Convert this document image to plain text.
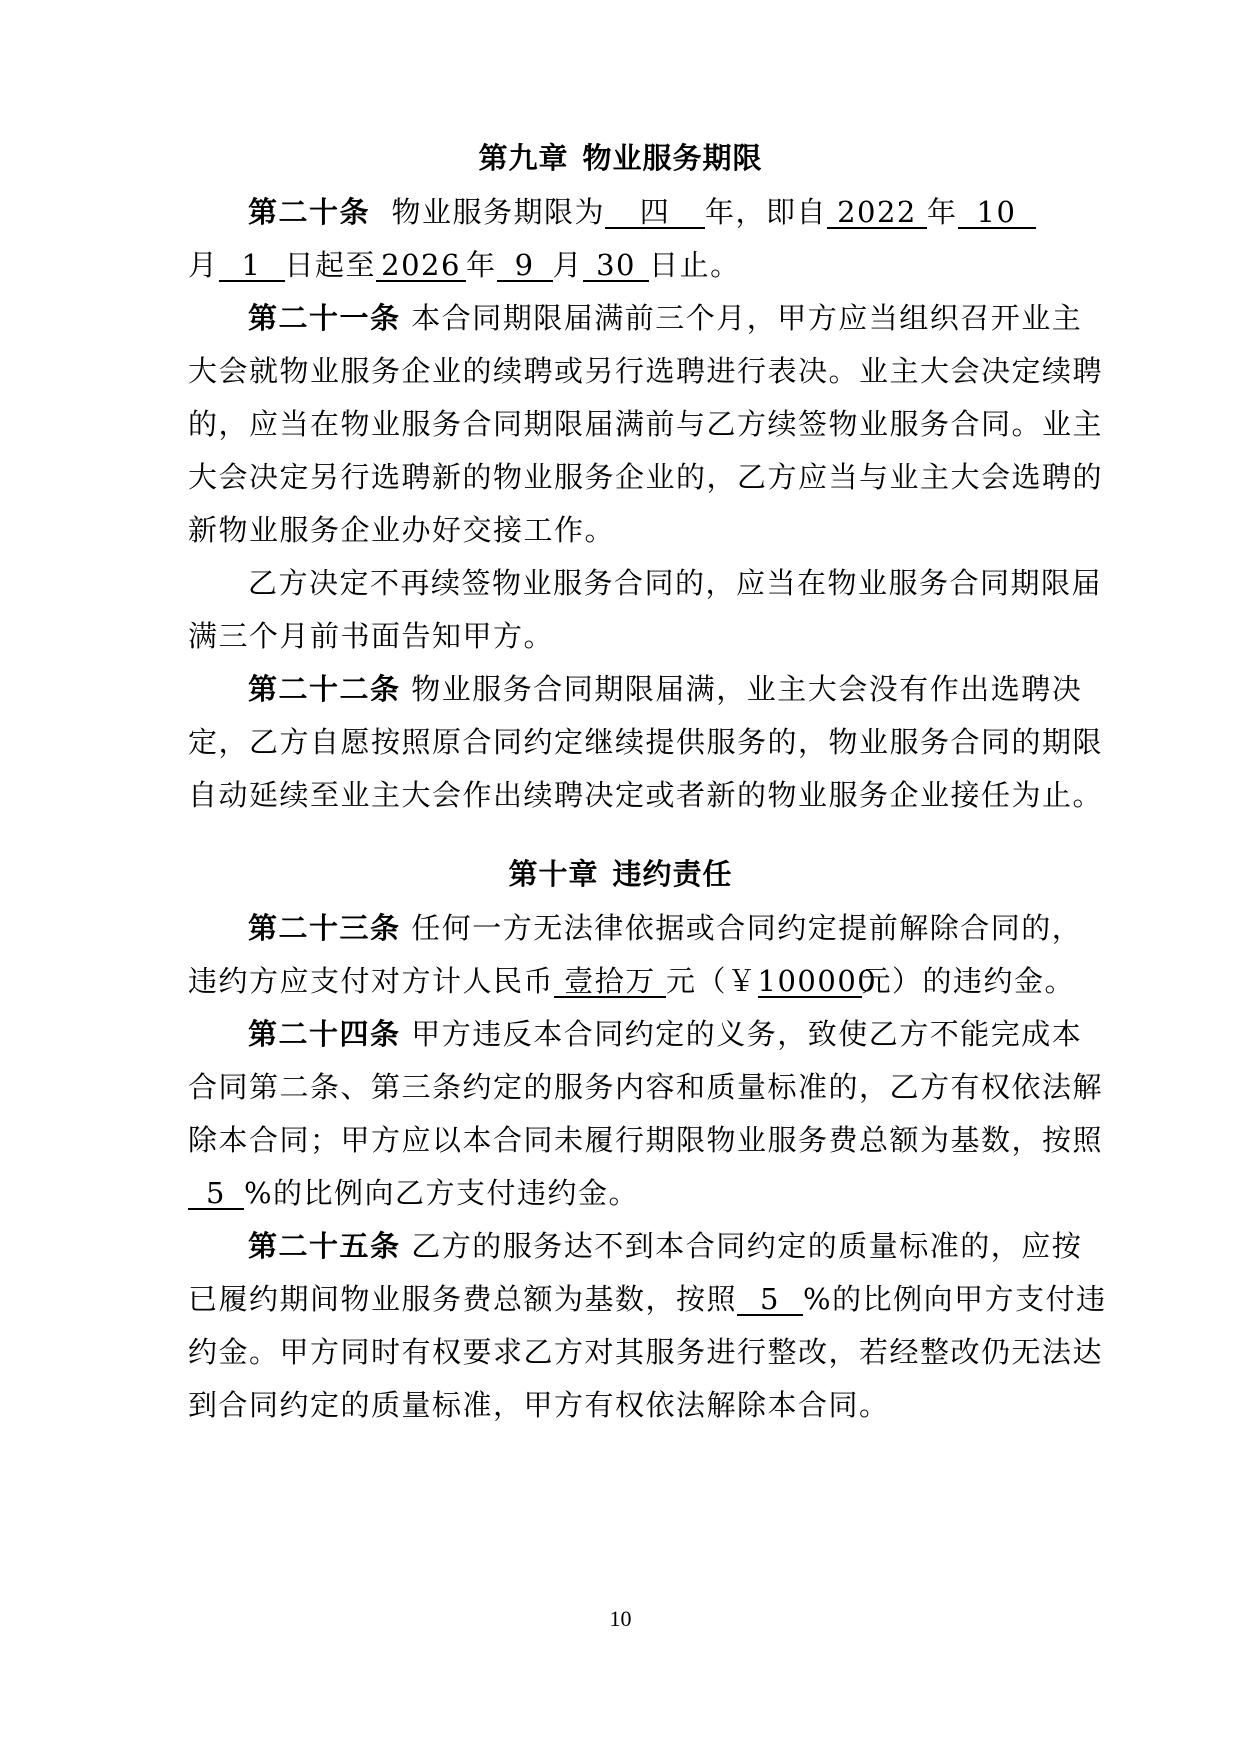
第九章 物业服务期限
第二十条 物业服务期限为 四 年，即自 2022 年 10
月 1 日起至 2026 年 9 月 30 日止。
第二十一条 本合同期限届满前三个月，甲方应当组织召开业主
大会就物业服务企业的续聘或另行选聘进行表决。业主大会决定续聘
的，应当在物业服务合同期限届满前与乙方续签物业服务合同。业主
大会决定另行选聘新的物业服务企业的，乙方应当与业主大会选聘的
新物业服务企业办好交接工作。
乙方决定不再续签物业服务合同的，应当在物业服务合同期限届
满三个月前书面告知甲方。
第二十二条 物业服务合同期限届满，业主大会没有作出选聘决
定，乙方自愿按照原合同约定继续提供服务的，物业服务合同的期限
自动延续至业主大会作出续聘决定或者新的物业服务企业接任为止。
第十章 违约责任
第二十三条 任何一方无法律依据或合同约定提前解除合同的，
违约方应支付对方计人民币 壹拾万 元（￥100000元）的违约金。
第二十四条 甲方违反本合同约定的义务，致使乙方不能完成本
合同第二条、第三条约定的服务内容和质量标准的，乙方有权依法解
除本合同；甲方应以本合同未履行期限物业服务费总额为基数，按照
5 %的比例向乙方支付违约金。
第二十五条 乙方的服务达不到本合同约定的质量标准的，应按
已履约期间物业服务费总额为基数，按照 5 %的比例向甲方支付违
约金。甲方同时有权要求乙方对其服务进行整改，若经整改仍无法达
到合同约定的质量标准，甲方有权依法解除本合同。
10
